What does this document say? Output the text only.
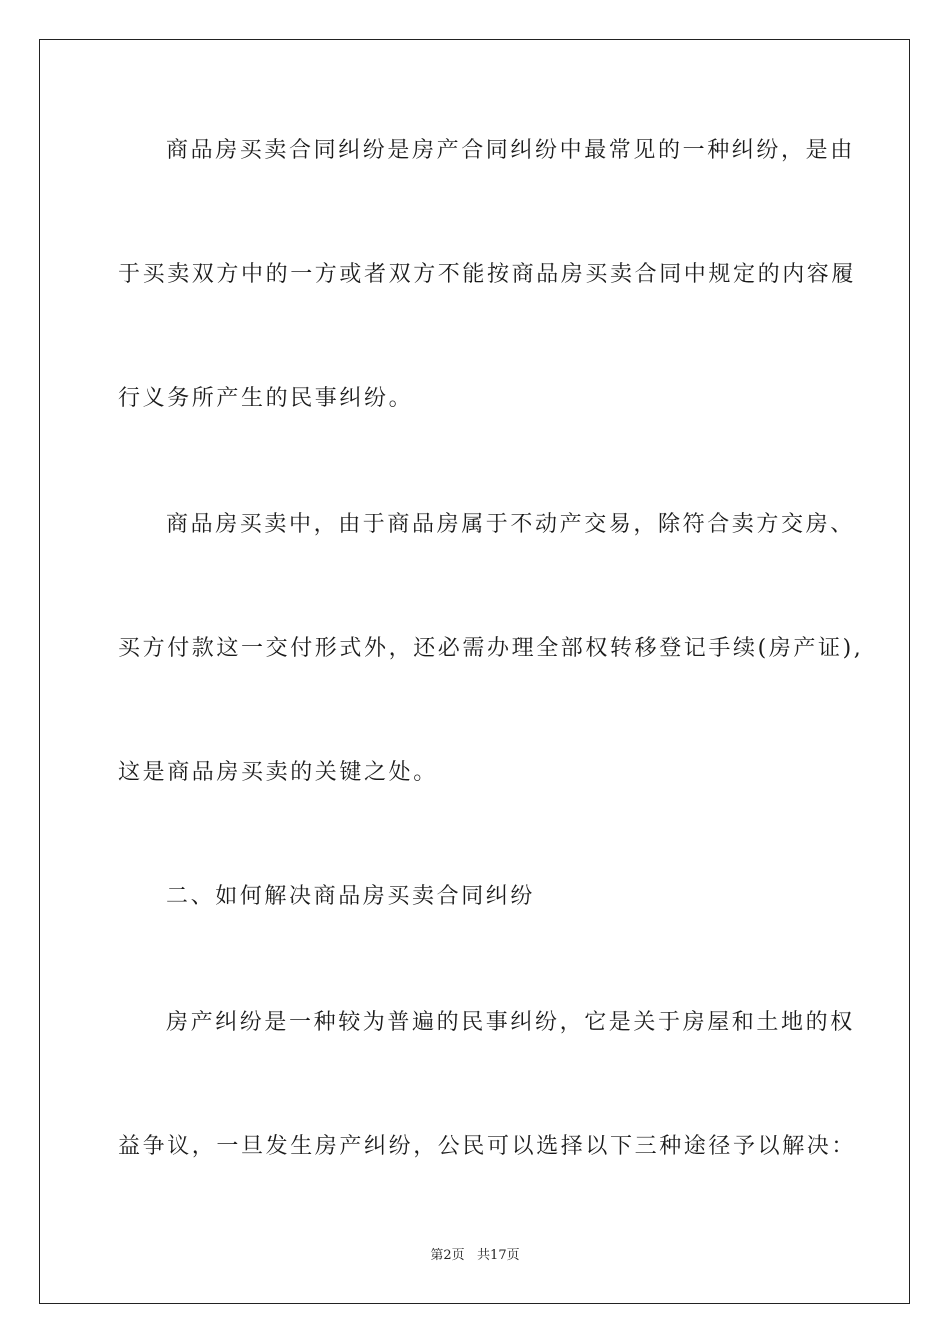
商品房买卖合同纠纷是房产合同纠纷中最常见的一种纠纷，是由
于买卖双方中的一方或者双方不能按商品房买卖合同中规定的内容履
行义务所产生的民事纠纷。
商品房买卖中，由于商品房属于不动产交易，除符合卖方交房、
买方付款这一交付形式外，还必需办理全部权转移登记手续(房产证),
这是商品房买卖的关键之处。
二、如何解决商品房买卖合同纠纷
房产纠纷是一种较为普遍的民事纠纷，它是关于房屋和土地的权
益争议，一旦发生房产纠纷，公民可以选择以下三种途径予以解决：
第2页   共17页
